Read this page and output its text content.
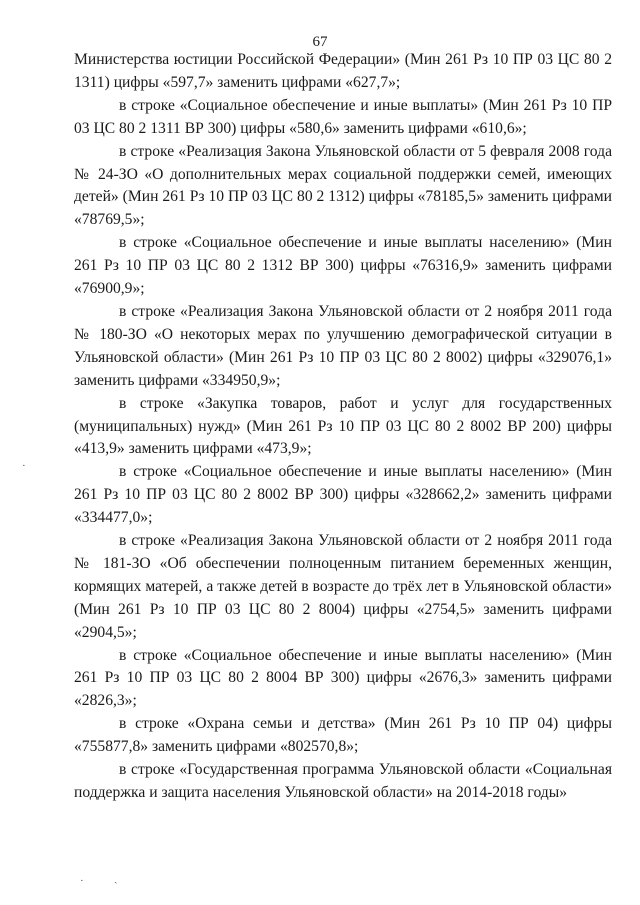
67

Министерства юстиции Российской Федерации» (Мин 261 Рз 10 ПР 03 ЦС 80 2 1311) цифры «597,7» заменить цифрами «627,7»;

в строке «Социальное обеспечение и иные выплаты» (Мин 261 Рз 10 ПР 03 ЦС 80 2 1311 ВР 300) цифры «580,6» заменить цифрами «610,6»;

в строке «Реализация Закона Ульяновской области от 5 февраля 2008 года № 24-ЗО «О дополнительных мерах социальной поддержки семей, имеющих детей» (Мин 261 Рз 10 ПР 03 ЦС 80 2 1312) цифры «78185,5» заменить цифрами «78769,5»;

в строке «Социальное обеспечение и иные выплаты населению» (Мин 261 Рз 10 ПР 03 ЦС 80 2 1312 ВР 300) цифры «76316,9» заменить цифрами «76900,9»;

в строке «Реализация Закона Ульяновской области от 2 ноября 2011 года № 180-ЗО «О некоторых мерах по улучшению демографической ситуации в Ульяновской области» (Мин 261 Рз 10 ПР 03 ЦС 80 2 8002) цифры «329076,1» заменить цифрами «334950,9»;

в строке «Закупка товаров, работ и услуг для государственных (муниципальных) нужд» (Мин 261 Рз 10 ПР 03 ЦС 80 2 8002 ВР 200) цифры «413,9» заменить цифрами «473,9»;

в строке «Социальное обеспечение и иные выплаты населению» (Мин 261 Рз 10 ПР 03 ЦС 80 2 8002 ВР 300) цифры «328662,2» заменить цифрами «334477,0»;

в строке «Реализация Закона Ульяновской области от 2 ноября 2011 года № 181-ЗО «Об обеспечении полноценным питанием беременных женщин, кормящих матерей, а также детей в возрасте до трёх лет в Ульяновской области» (Мин 261 Рз 10 ПР 03 ЦС 80 2 8004) цифры «2754,5» заменить цифрами «2904,5»;

в строке «Социальное обеспечение и иные выплаты населению» (Мин 261 Рз 10 ПР 03 ЦС 80 2 8004 ВР 300) цифры «2676,3» заменить цифрами «2826,3»;

в строке «Охрана семьи и детства» (Мин 261 Рз 10 ПР 04) цифры «755877,8» заменить цифрами «802570,8»;

в строке «Государственная программа Ульяновской области «Социальная поддержка и защита населения Ульяновской области» на 2014-2018 годы»

·
·	ˎ
